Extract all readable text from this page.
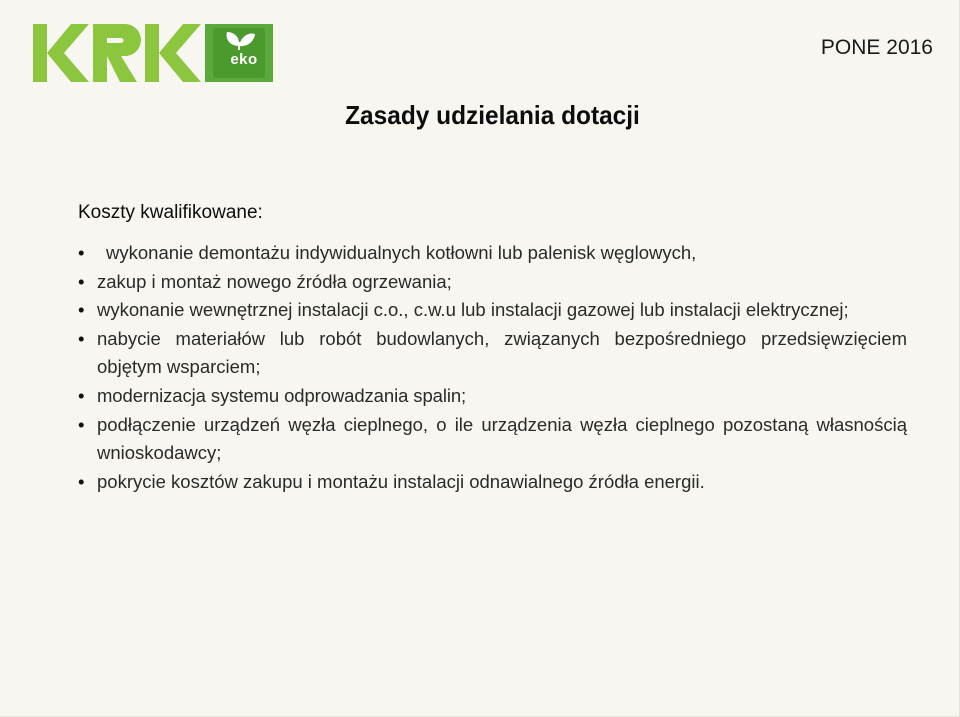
eko
PONE 2016
Zasady udzielania dotacji
Koszty kwalifikowane:
• wykonanie demontażu indywidualnych kotłowni lub palenisk węglowych,
• zakup i montaż nowego źródła ogrzewania;
• wykonanie wewnętrznej instalacji c.o., c.w.u lub instalacji gazowej lub instalacji elektrycznej;
• nabycie materiałów lub robót budowlanych, związanych bezpośredniego przedsięwzięciem objętym wsparciem;
• modernizacja systemu odprowadzania spalin;
• podłączenie urządzeń węzła cieplnego, o ile urządzenia węzła cieplnego pozostaną własnością wnioskodawcy;
• pokrycie kosztów zakupu i montażu instalacji odnawialnego źródła energii.
